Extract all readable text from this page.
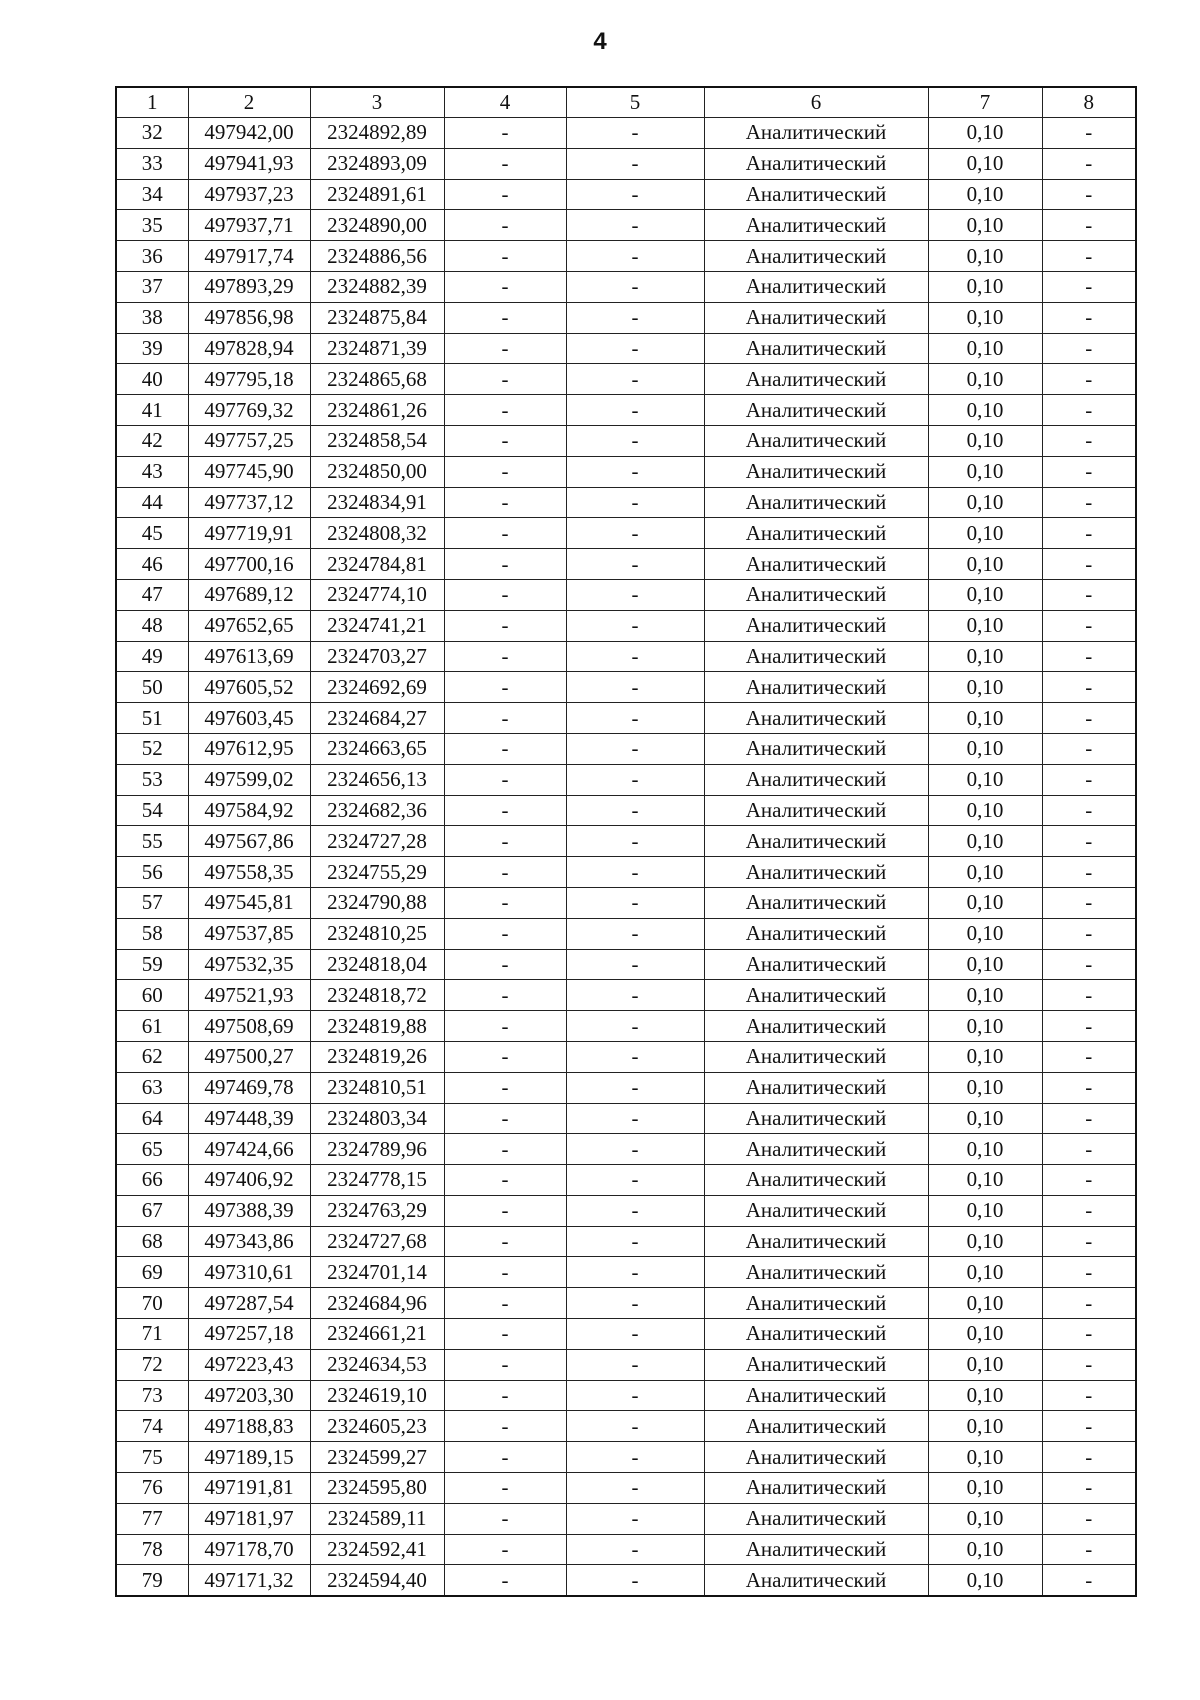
4
1	2	3	4	5	6	7	8
32	497942,00	2324892,89	-	-	Аналитический	0,10	-
33	497941,93	2324893,09	-	-	Аналитический	0,10	-
34	497937,23	2324891,61	-	-	Аналитический	0,10	-
35	497937,71	2324890,00	-	-	Аналитический	0,10	-
36	497917,74	2324886,56	-	-	Аналитический	0,10	-
37	497893,29	2324882,39	-	-	Аналитический	0,10	-
38	497856,98	2324875,84	-	-	Аналитический	0,10	-
39	497828,94	2324871,39	-	-	Аналитический	0,10	-
40	497795,18	2324865,68	-	-	Аналитический	0,10	-
41	497769,32	2324861,26	-	-	Аналитический	0,10	-
42	497757,25	2324858,54	-	-	Аналитический	0,10	-
43	497745,90	2324850,00	-	-	Аналитический	0,10	-
44	497737,12	2324834,91	-	-	Аналитический	0,10	-
45	497719,91	2324808,32	-	-	Аналитический	0,10	-
46	497700,16	2324784,81	-	-	Аналитический	0,10	-
47	497689,12	2324774,10	-	-	Аналитический	0,10	-
48	497652,65	2324741,21	-	-	Аналитический	0,10	-
49	497613,69	2324703,27	-	-	Аналитический	0,10	-
50	497605,52	2324692,69	-	-	Аналитический	0,10	-
51	497603,45	2324684,27	-	-	Аналитический	0,10	-
52	497612,95	2324663,65	-	-	Аналитический	0,10	-
53	497599,02	2324656,13	-	-	Аналитический	0,10	-
54	497584,92	2324682,36	-	-	Аналитический	0,10	-
55	497567,86	2324727,28	-	-	Аналитический	0,10	-
56	497558,35	2324755,29	-	-	Аналитический	0,10	-
57	497545,81	2324790,88	-	-	Аналитический	0,10	-
58	497537,85	2324810,25	-	-	Аналитический	0,10	-
59	497532,35	2324818,04	-	-	Аналитический	0,10	-
60	497521,93	2324818,72	-	-	Аналитический	0,10	-
61	497508,69	2324819,88	-	-	Аналитический	0,10	-
62	497500,27	2324819,26	-	-	Аналитический	0,10	-
63	497469,78	2324810,51	-	-	Аналитический	0,10	-
64	497448,39	2324803,34	-	-	Аналитический	0,10	-
65	497424,66	2324789,96	-	-	Аналитический	0,10	-
66	497406,92	2324778,15	-	-	Аналитический	0,10	-
67	497388,39	2324763,29	-	-	Аналитический	0,10	-
68	497343,86	2324727,68	-	-	Аналитический	0,10	-
69	497310,61	2324701,14	-	-	Аналитический	0,10	-
70	497287,54	2324684,96	-	-	Аналитический	0,10	-
71	497257,18	2324661,21	-	-	Аналитический	0,10	-
72	497223,43	2324634,53	-	-	Аналитический	0,10	-
73	497203,30	2324619,10	-	-	Аналитический	0,10	-
74	497188,83	2324605,23	-	-	Аналитический	0,10	-
75	497189,15	2324599,27	-	-	Аналитический	0,10	-
76	497191,81	2324595,80	-	-	Аналитический	0,10	-
77	497181,97	2324589,11	-	-	Аналитический	0,10	-
78	497178,70	2324592,41	-	-	Аналитический	0,10	-
79	497171,32	2324594,40	-	-	Аналитический	0,10	-
